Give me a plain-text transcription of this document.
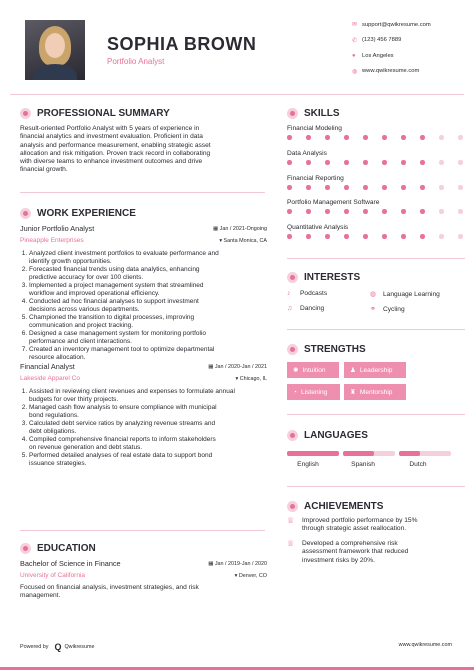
SOPHIA BROWN
Portfolio Analyst
✉ support@qwikresume.com
✆ (123) 456 7889
●	Los Angeles
◍ www.qwikresume.com
PROFESSIONAL SUMMARY
Result-oriented Portfolio Analyst with 5 years of experience in
financial analytics and investment evaluation. Proficient in data
analysis and performance measurement, enabling strategic asset
allocation and risk mitigation. Proven track record in collaborating
with diverse teams to enhance investment outcomes and drive
financial growth.
WORK EXPERIENCE
Junior Portfolio Analyst	▦ Jan / 2021-Ongoing
Pineapple Enterprises	▾ Santa Monica, CA
1. Analyzed client investment portfolios to evaluate performance and
identify growth opportunities.
2. Forecasted financial trends using data analytics, enhancing
predictive accuracy for over 100 clients.
3. Implemented a project management system that streamlined
workflow and improved operational efficiency.
4. Conducted ad hoc financial analyses to support investment
decisions across various departments.
5. Championed the transition to digital processes, improving
communication and project tracking.
6. Designed a case management system for monitoring portfolio
performance and client interactions.
7. Created an inventory management tool to optimize departmental
resource allocation.
Financial Analyst	▦ Jan / 2020-Jan / 2021
Lakeside Apparel Co	▾ Chicago, IL
1. Assisted in reviewing client revenues and expenses to formulate annual
budgets for over thirty projects.
2. Managed cash flow analysis to ensure compliance with municipal
bond regulations.
3. Calculated debt service ratios by analyzing revenue streams and
debt obligations.
4. Compiled comprehensive financial reports to inform stakeholders
on revenue generation and debt status.
5. Performed detailed analyses of real estate data to support bond
issuance strategies.
EDUCATION
Bachelor of Science in Finance	▦ Jan / 2019-Jan / 2020
University of California	▾ Denver, CO
Focused on financial analysis, investment strategies, and risk
management.
SKILLS
Financial Modeling
Data Analysis
Financial Reporting
Portfolio Management Software
Quantitative Analysis
INTERESTS
♪	Podcasts	◍ Language Learning
♫	Dancing	⚭	Cycling
STRENGTHS
✺ Intuition	♟ Leadership
◔ Listening	♜ Mentorship
LANGUAGES
English	Spanish	Dutch
ACHIEVEMENTS
♕	Improved portfolio performance by 15%
through strategic asset reallocation.
♕	Developed a comprehensive risk
assessment framework that reduced
investment risks by 20%.
Powered by Q Qwikresume	www.qwikresume.com
